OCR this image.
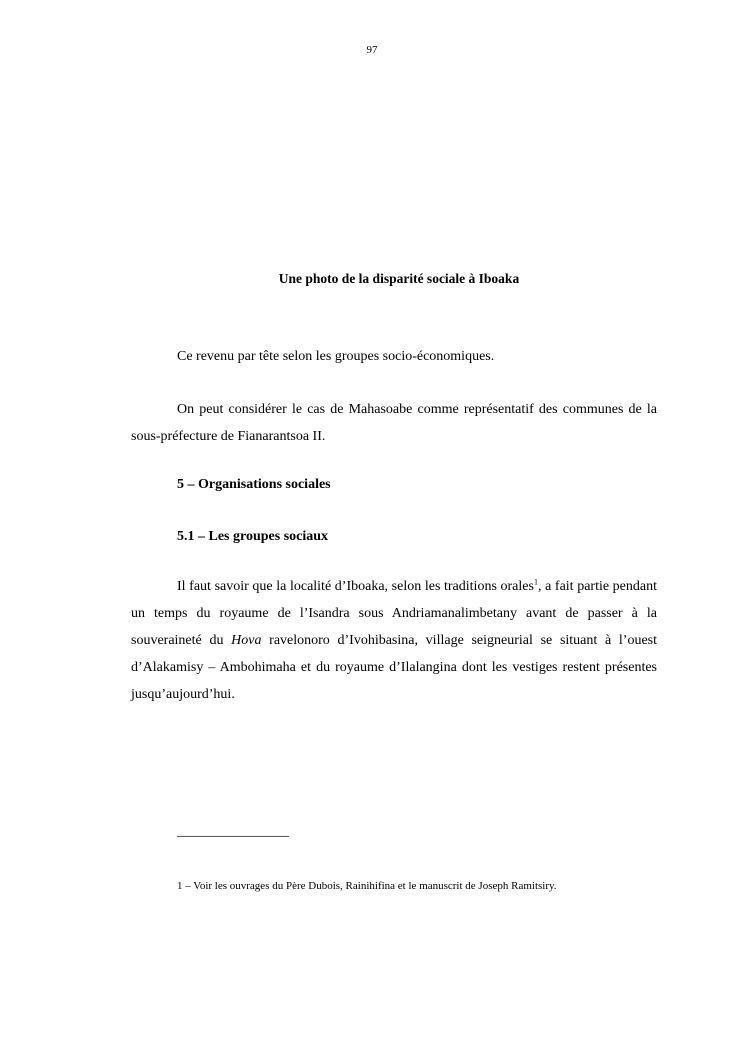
97
Une photo de la disparité sociale à Iboaka

Ce revenu par tête selon les groupes socio-économiques.

On peut considérer le cas de Mahasoabe comme représentatif des communes de la sous-préfecture de Fianarantsoa II.

5 – Organisations sociales

5.1 – Les groupes sociaux

Il faut savoir que la localité d’Iboaka, selon les traditions orales$^1$, a fait partie pendant un temps du royaume de l’Isandra sous Andriamanalimbetany avant de passer à la souveraineté du Hova ravelonoro d’Ivohibasina, village seigneurial se situant à l’ouest d’Alakamisy – Ambohimaha et du royaume d’Ilalangina dont les vestiges restent présentes jusqu’aujourd’hui.

________________

1 – Voir les ouvrages du Père Dubois, Rainihifina et le manuscrit de Joseph Ramitsiry.
